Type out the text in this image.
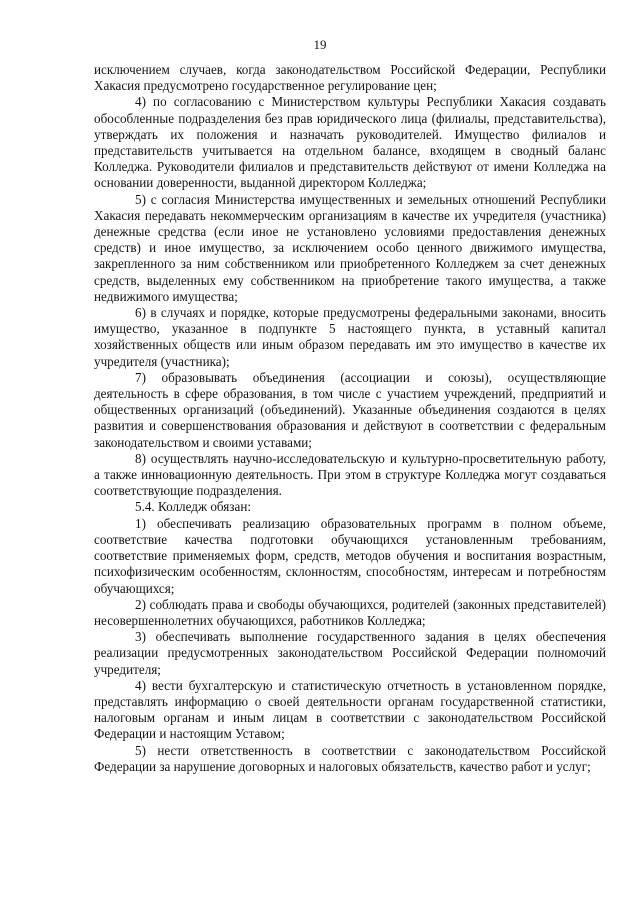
19

исключением случаев, когда законодательством Российской Федерации, Республики Хакасия предусмотрено государственное регулирование цен;

4) по согласованию с Министерством культуры Республики Хакасия создавать обособленные подразделения без прав юридического лица (филиалы, представительства), утверждать их положения и назначать руководителей. Имущество филиалов и представительств учитывается на отдельном балансе, входящем в сводный баланс Колледжа. Руководители филиалов и представительств действуют от имени Колледжа на основании доверенности, выданной директором Колледжа;

5) с согласия Министерства имущественных и земельных отношений Республики Хакасия передавать некоммерческим организациям в качестве их учредителя (участника) денежные средства (если иное не установлено условиями предоставления денежных средств) и иное имущество, за исключением особо ценного движимого имущества, закрепленного за ним собственником или приобретенного Колледжем за счет денежных средств, выделенных ему собственником на приобретение такого имущества, а также недвижимого имущества;

6) в случаях и порядке, которые предусмотрены федеральными законами, вносить имущество, указанное в подпункте 5 настоящего пункта, в уставный капитал хозяйственных обществ или иным образом передавать им это имущество в качестве их учредителя (участника);

7) образовывать объединения (ассоциации и союзы), осуществляющие деятельность в сфере образования, в том числе с участием учреждений, предприятий и общественных организаций (объединений). Указанные объединения создаются в целях развития и совершенствования образования и действуют в соответствии с федеральным законодательством и своими уставами;

8) осуществлять научно-исследовательскую и культурно-просветительную работу, а также инновационную деятельность. При этом в структуре Колледжа могут создаваться соответствующие подразделения.

5.4. Колледж обязан:

1) обеспечивать реализацию образовательных программ в полном объеме, соответствие качества подготовки обучающихся установленным требованиям, соответствие применяемых форм, средств, методов обучения и воспитания возрастным, психофизическим особенностям, склонностям, способностям, интересам и потребностям обучающихся;

2) соблюдать права и свободы обучающихся, родителей (законных представителей) несовершеннолетних обучающихся, работников Колледжа;

3) обеспечивать выполнение государственного задания в целях обеспечения реализации предусмотренных законодательством Российской Федерации полномочий учредителя;

4) вести бухгалтерскую и статистическую отчетность в установленном порядке, представлять информацию о своей деятельности органам государственной статистики, налоговым органам и иным лицам в соответствии с законодательством Российской Федерации и настоящим Уставом;

5) нести ответственность в соответствии с законодательством Российской Федерации за нарушение договорных и налоговых обязательств, качество работ и услуг;
